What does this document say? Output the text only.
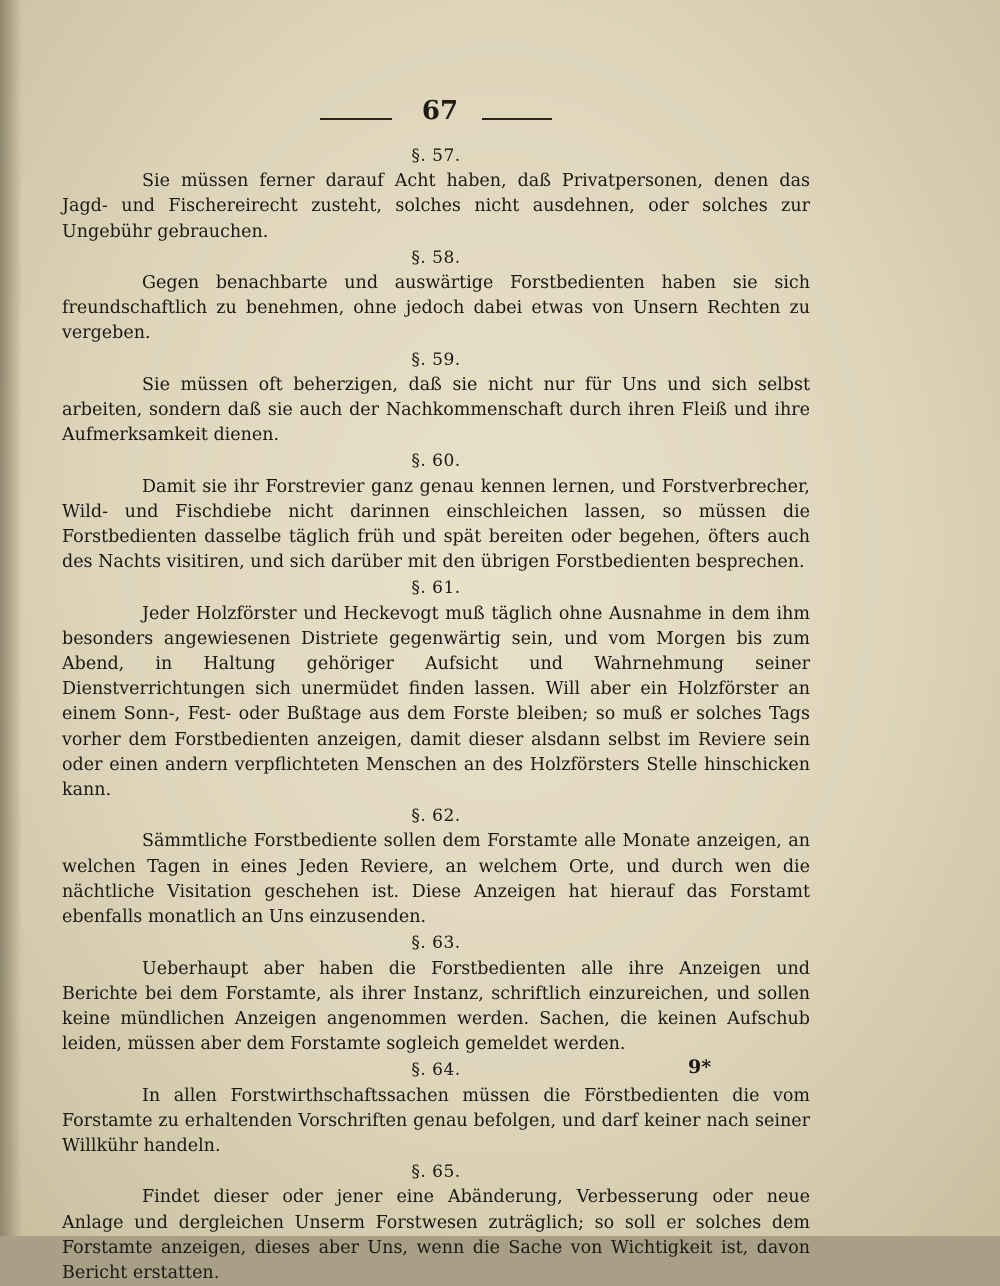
67
§. 57.

Sie müssen ferner darauf Acht haben, daß Privatpersonen, denen das Jagd- und Fischereirecht zusteht, solches nicht ausdehnen, oder solches zur Ungebühr gebrauchen.

§. 58.

Gegen benachbarte und auswärtige Forstbedienten haben sie sich freundschaftlich zu benehmen, ohne jedoch dabei etwas von Unsern Rechten zu vergeben.

§. 59.

Sie müssen oft beherzigen, daß sie nicht nur für Uns und sich selbst arbeiten, sondern daß sie auch der Nachkommenschaft durch ihren Fleiß und ihre Aufmerksamkeit dienen.

§. 60.

Damit sie ihr Forstrevier ganz genau kennen lernen, und Forstverbrecher, Wild- und Fischdiebe nicht darinnen einschleichen lassen, so müssen die Forstbedienten dasselbe täglich früh und spät bereiten oder begehen, öfters auch des Nachts visitiren, und sich darüber mit den übrigen Forstbedienten besprechen.

§. 61.

Jeder Holzförster und Heckevogt muß täglich ohne Ausnahme in dem ihm besonders angewiesenen Distriete gegenwärtig sein, und vom Morgen bis zum Abend, in Haltung gehöriger Aufsicht und Wahrnehmung seiner Dienstverrichtungen sich unermüdet finden lassen. Will aber ein Holzförster an einem Sonn-, Fest- oder Bußtage aus dem Forste bleiben; so muß er solches Tags vorher dem Forstbedienten anzeigen, damit dieser alsdann selbst im Reviere sein oder einen andern verpflichteten Menschen an des Holzförsters Stelle hinschicken kann.

§. 62.

Sämmtliche Forstbediente sollen dem Forstamte alle Monate anzeigen, an welchen Tagen in eines Jeden Reviere, an welchem Orte, und durch wen die nächtliche Visitation geschehen ist. Diese Anzeigen hat hierauf das Forstamt ebenfalls monatlich an Uns einzusenden.

§. 63.

Ueberhaupt aber haben die Forstbedienten alle ihre Anzeigen und Berichte bei dem Forstamte, als ihrer Instanz, schriftlich einzureichen, und sollen keine mündlichen Anzeigen angenommen werden. Sachen, die keinen Aufschub leiden, müssen aber dem Forstamte sogleich gemeldet werden.

§. 64.

In allen Forstwirthschaftssachen müssen die Förstbedienten die vom Forstamte zu erhaltenden Vorschriften genau befolgen, und darf keiner nach seiner Willkühr handeln.

§. 65.

Findet dieser oder jener eine Abänderung, Verbesserung oder neue Anlage und dergleichen Unserm Forstwesen zuträglich; so soll er solches dem Forstamte anzeigen, dieses aber Uns, wenn die Sache von Wichtigkeit ist, davon Bericht erstatten.

9*
